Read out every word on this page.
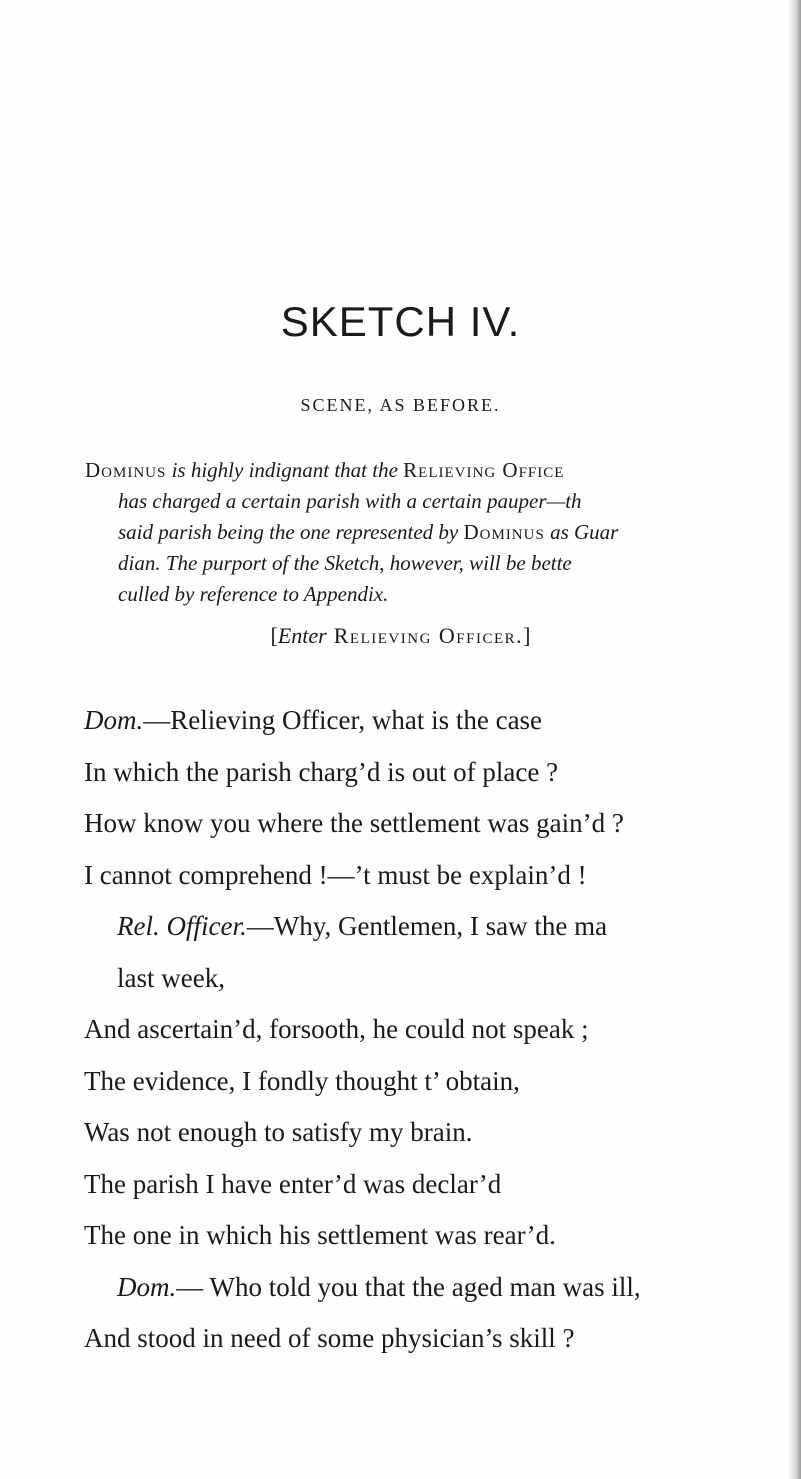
SKETCH IV.
SCENE, AS BEFORE.
Dominus is highly indignant that the Relieving Office
has charged a certain parish with a certain pauper—th
said parish being the one represented by Dominus as Guar
dian. The purport of the Sketch, however, will be bette
culled by reference to Appendix.
[Enter Relieving Officer.]
Dom.—Relieving Officer, what is the case
In which the parish charg’d is out of place ?
How know you where the settlement was gain’d ?
I cannot comprehend !—’t must be explain’d !
Rel. Officer.—Why, Gentlemen, I saw the ma
last week,
And ascertain’d, forsooth, he could not speak ;
The evidence, I fondly thought t’ obtain,
Was not enough to satisfy my brain.
The parish I have enter’d was declar’d
The one in which his settlement was rear’d.
Dom.— Who told you that the aged man was ill,
And stood in need of some physician’s skill ?
